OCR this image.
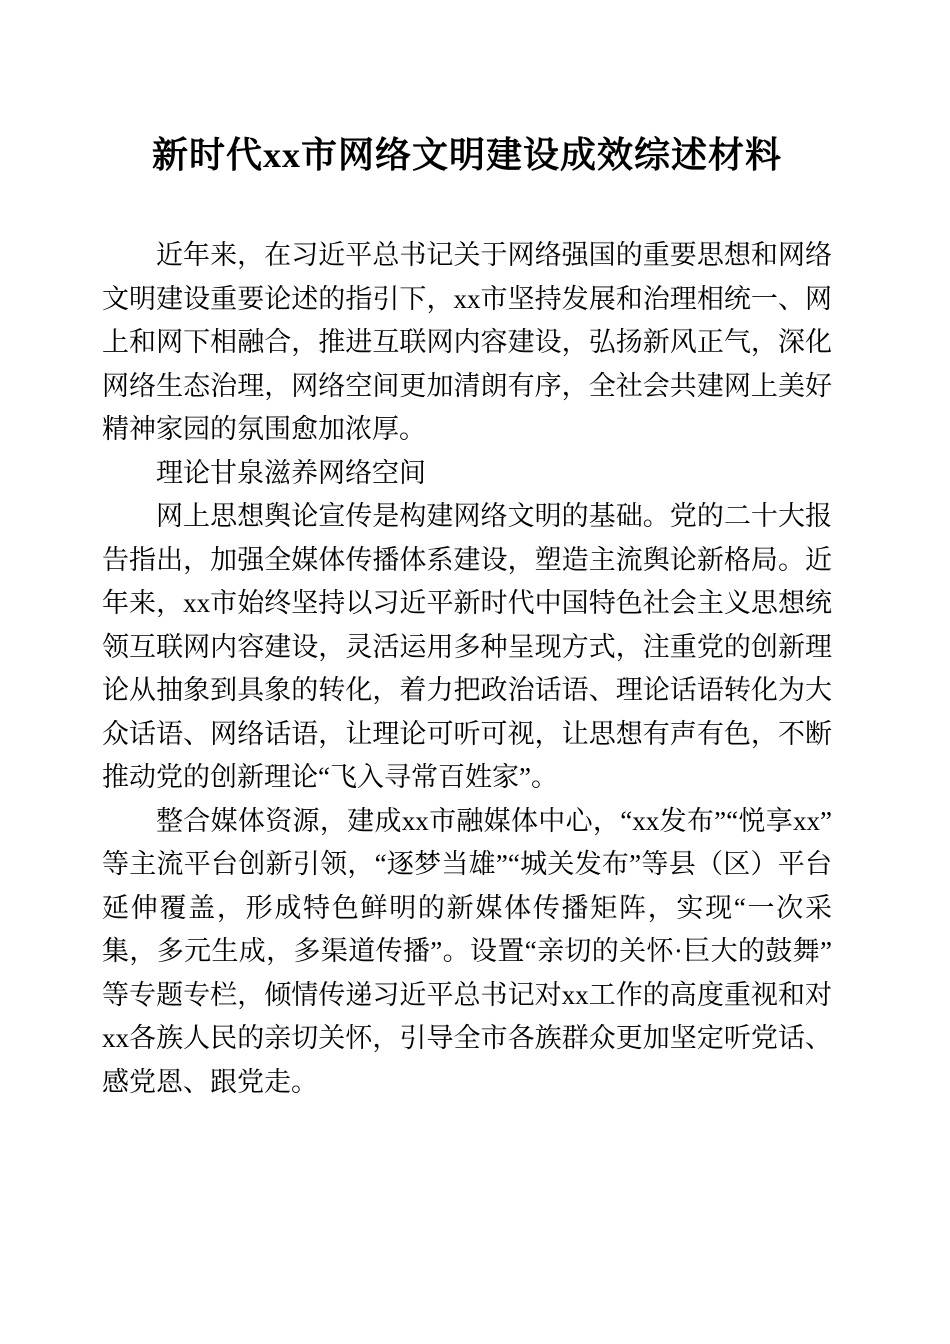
新时代xx市网络文明建设成效综述材料

近年来，在习近平总书记关于网络强国的重要思想和网络文明建设重要论述的指引下，xx市坚持发展和治理相统一、网上和网下相融合，推进互联网内容建设，弘扬新风正气，深化网络生态治理，网络空间更加清朗有序，全社会共建网上美好精神家园的氛围愈加浓厚。

理论甘泉滋养网络空间

网上思想舆论宣传是构建网络文明的基础。党的二十大报告指出，加强全媒体传播体系建设，塑造主流舆论新格局。近年来，xx市始终坚持以习近平新时代中国特色社会主义思想统领互联网内容建设，灵活运用多种呈现方式，注重党的创新理论从抽象到具象的转化，着力把政治话语、理论话语转化为大众话语、网络话语，让理论可听可视，让思想有声有色，不断推动党的创新理论“飞入寻常百姓家”。

整合媒体资源，建成xx市融媒体中心，“xx发布”“悦享xx”等主流平台创新引领，“逐梦当雄”“城关发布”等县（区）平台延伸覆盖，形成特色鲜明的新媒体传播矩阵，实现“一次采集，多元生成，多渠道传播”。设置“亲切的关怀·巨大的鼓舞”等专题专栏，倾情传递习近平总书记对xx工作的高度重视和对xx各族人民的亲切关怀，引导全市各族群众更加坚定听党话、感党恩、跟党走。
